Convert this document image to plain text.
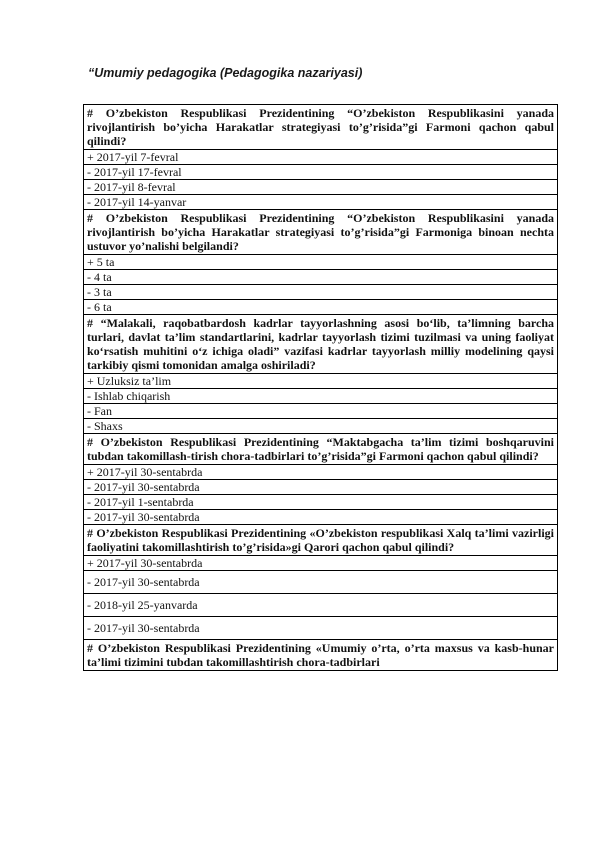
“Umumiy pedagogika (Pedagogika nazariyasi)
# O’zbekiston Respublikasi Prezidentining “O’zbekiston Respublikasini yanada rivojlantirish bo’yicha Harakatlar strategiyasi to’g’risida”gi Farmoni qachon qabul qilindi?
+ 2017-yil 7-fevral
- 2017-yil 17-fevral
- 2017-yil 8-fevral
- 2017-yil 14-yanvar
# O’zbekiston Respublikasi Prezidentining “O’zbekiston Respublikasini yanada rivojlantirish bo’yicha Harakatlar strategiyasi to’g’risida”gi Farmoniga binoan nechta ustuvor yo’nalishi belgilandi?
+ 5 ta
- 4 ta
- 3 ta
- 6 ta
# “Malakali, raqobatbardosh kadrlar tayyorlashning asosi bo‘lib, ta’limning barcha turlari, davlat ta’lim standartlarini, kadrlar tayyorlash tizimi tuzilmasi va uning faoliyat ko‘rsatish muhitini o‘z ichiga oladi” vazifasi kadrlar tayyorlash milliy modelining qaysi tarkibiy qismi tomonidan amalga oshiriladi?
+ Uzluksiz ta’lim
- Ishlab chiqarish
- Fan
- Shaxs
# O’zbekiston Respublikasi Prezidentining “Maktabgacha ta’lim tizimi boshqaruvini tubdan takomillash-tirish chora-tadbirlari to’g’risida”gi Farmoni qachon qabul qilindi?
+ 2017-yil 30-sentabrda
- 2017-yil 30-sentabrda
- 2017-yil 1-sentabrda
- 2017-yil 30-sentabrda
# O’zbekiston Respublikasi Prezidentining «O’zbekiston respublikasi Xalq ta’limi vazirligi faoliyatini takomillashtirish to’g’risida»gi Qarori qachon qabul qilindi?
+ 2017-yil 30-sentabrda
- 2017-yil 30-sentabrda
- 2018-yil 25-yanvarda
- 2017-yil 30-sentabrda
# O’zbekiston Respublikasi Prezidentining «Umumiy o’rta, o’rta maxsus va kasb-hunar ta’limi tizimini tubdan takomillashtirish chora-tadbirlari
